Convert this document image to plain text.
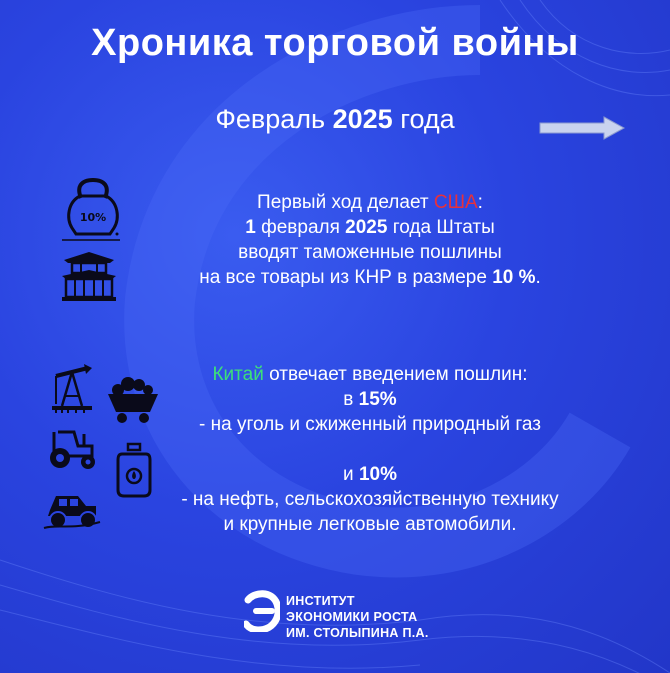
Хроника торговой войны
Февраль 2025 года
Первый ход делает США:
1 февраля 2025 года Штаты
вводят таможенные пошлины
на все товары из КНР в размере 10 %.
Китай отвечает введением пошлин:
в 15%
- на уголь и сжиженный природный газ
и 10%
- на нефть, сельскохозяйственную технику
и крупные легковые автомобили.
10%
ИНСТИТУТ
ЭКОНОМИКИ РОСТА
ИМ. СТОЛЫПИНА П.А.
